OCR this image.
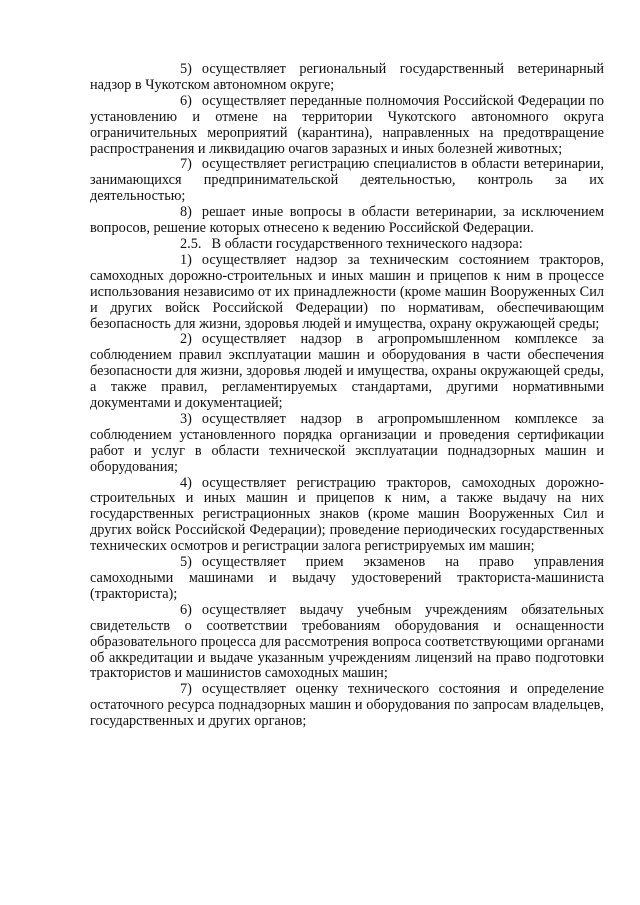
5) осуществляет региональный государственный ветеринарный надзор в Чукотском автономном округе;

6) осуществляет переданные полномочия Российской Федерации по установлению и отмене на территории Чукотского автономного округа ограничительных мероприятий (карантина), направленных на предотвращение распространения и ликвидацию очагов заразных и иных болезней животных;

7) осуществляет регистрацию специалистов в области ветеринарии, занимающихся предпринимательской деятельностью, контроль за их деятельностью;

8) решает иные вопросы в области ветеринарии, за исключением вопросов, решение которых отнесено к ведению Российской Федерации.

2.5. В области государственного технического надзора:

1) осуществляет надзор за техническим состоянием тракторов, самоходных дорожно-строительных и иных машин и прицепов к ним в процессе использования независимо от их принадлежности (кроме машин Вооруженных Сил и других войск Российской Федерации) по нормативам, обеспечивающим безопасность для жизни, здоровья людей и имущества, охрану окружающей среды;

2) осуществляет надзор в агропромышленном комплексе за соблюдением правил эксплуатации машин и оборудования в части обеспечения безопасности для жизни, здоровья людей и имущества, охраны окружающей среды, а также правил, регламентируемых стандартами, другими нормативными документами и документацией;

3) осуществляет надзор в агропромышленном комплексе за соблюдением установленного порядка организации и проведения сертификации работ и услуг в области технической эксплуатации поднадзорных машин и оборудования;

4) осуществляет регистрацию тракторов, самоходных дорожно-строительных и иных машин и прицепов к ним, а также выдачу на них государственных регистрационных знаков (кроме машин Вооруженных Сил и других войск Российской Федерации); проведение периодических государственных технических осмотров и регистрации залога регистрируемых им машин;

5) осуществляет прием экзаменов на право управления самоходными машинами и выдачу удостоверений тракториста-машиниста (тракториста);

6) осуществляет выдачу учебным учреждениям обязательных свидетельств о соответствии требованиям оборудования и оснащенности образовательного процесса для рассмотрения вопроса соответствующими органами об аккредитации и выдаче указанным учреждениям лицензий на право подготовки трактористов и машинистов самоходных машин;

7) осуществляет оценку технического состояния и определение остаточного ресурса поднадзорных машин и оборудования по запросам владельцев, государственных и других органов;
